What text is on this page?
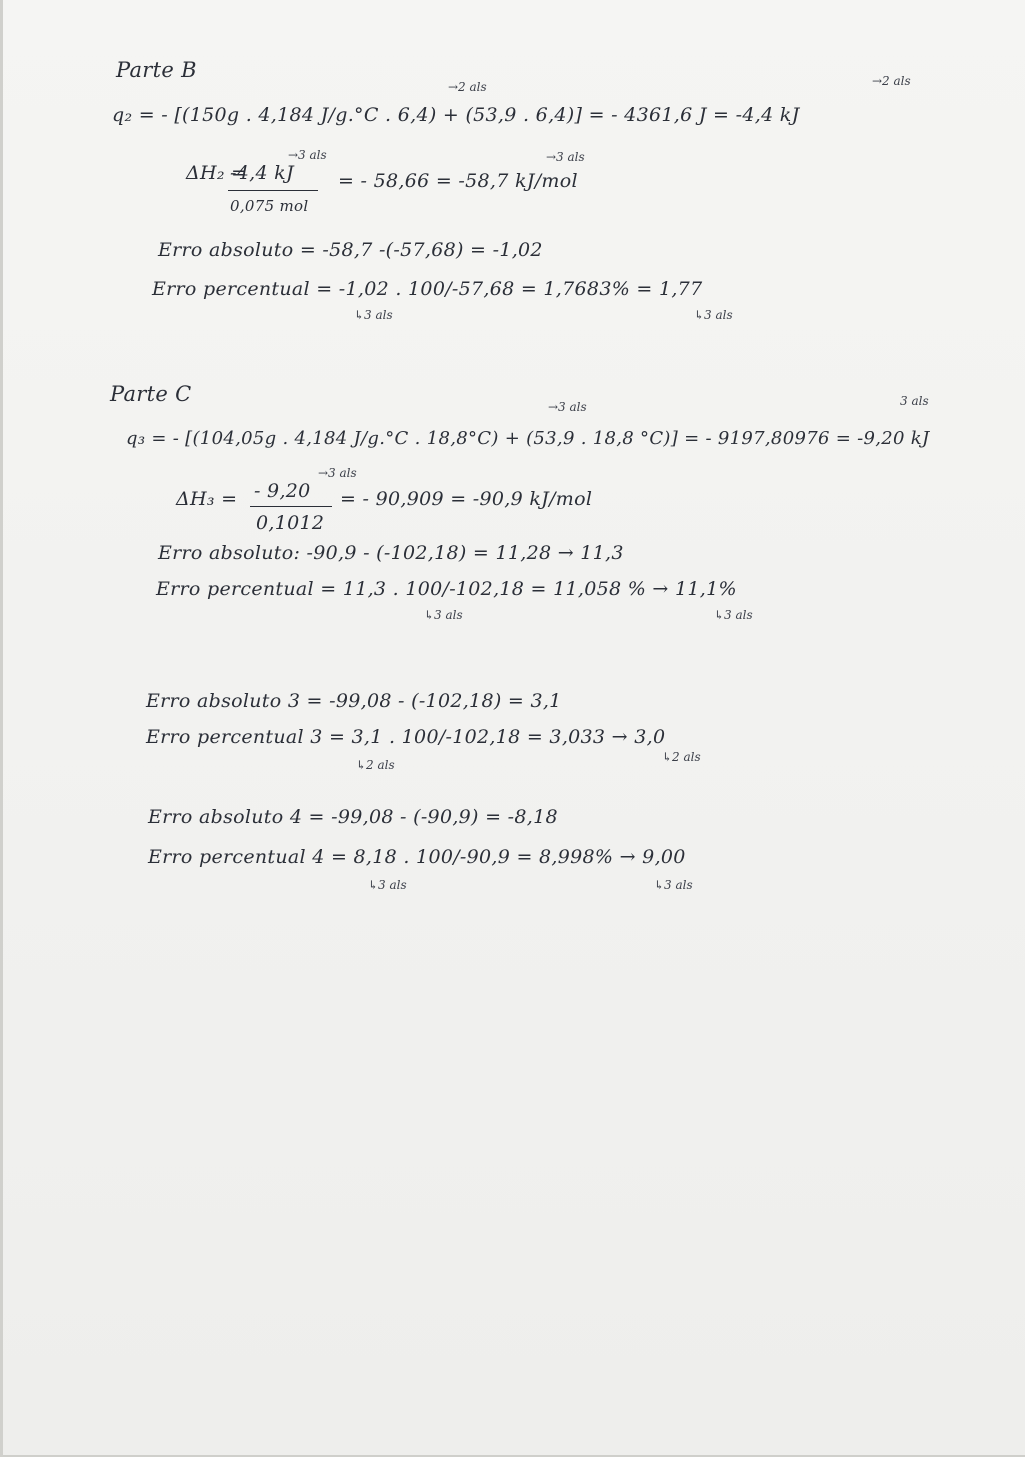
Parte B
→2 als	→2 als
q₂ = - [(150g . 4,184 J/g.°C . 6,4) + (53,9 . 6,4)] = - 4361,6 J = -4,4 kJ
ΔH₂ =
→3 als
-4,4 kJ
0,075 mol
→3 als
= - 58,66 = -58,7 kJ/mol
Erro absoluto = -58,7 -(-57,68) = -1,02
Erro percentual = -1,02 . 100/-57,68 = 1,7683% = 1,77
↳3 als	↳3 als
Parte C
→3 als	3 als
q₃ = - [(104,05g . 4,184 J/g.°C . 18,8°C) + (53,9 . 18,8 °C)] = - 9197,80976 = -9,20 kJ
ΔH₃ =
→3 als
- 9,20
0,1012
= - 90,909 = -90,9 kJ/mol
Erro absoluto: -90,9 - (-102,18) = 11,28 → 11,3
Erro percentual = 11,3 . 100/-102,18 = 11,058 % → 11,1%
↳3 als	↳3 als
Erro absoluto 3 = -99,08 - (-102,18) = 3,1
Erro percentual 3 = 3,1 . 100/-102,18 = 3,033 → 3,0
↳2 als
↳2 als
Erro absoluto 4 = -99,08 - (-90,9) = -8,18
Erro percentual 4 = 8,18 . 100/-90,9 = 8,998% → 9,00
↳3 als	↳3 als
